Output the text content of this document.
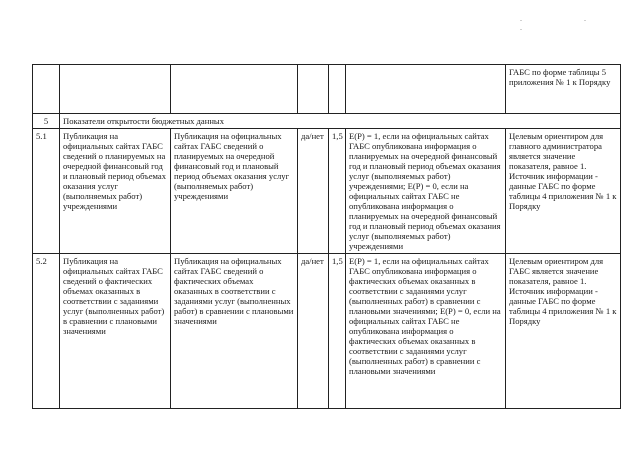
. . .
						ГАБС по форме таблицы 5 приложения № 1 к Порядку
5	Показатели открытости бюджетных данных					
5.1	Публикация на официальных сайтах ГАБС сведений о планируемых на очередной финансовый год и плановый период объемах оказания услуг (выполняемых работ) учреждениями	Публикация на официальных сайтах ГАБС сведений о планируемых на очередной финансовый год и плановый период объемах оказания услуг (выполняемых работ) учреждениями	да/нет	1,5	E(P) = 1, если на официальных сайтах ГАБС опубликована информация о планируемых на очередной финансовый год и плановый период объемах оказания услуг (выполняемых работ) учреждениями; E(P) = 0, если на официальных сайтах ГАБС не опубликована информация о планируемых на очередной финансовый год и плановый период объемах оказания услуг (выполняемых работ) учреждениями	Целевым ориентиром для главного администратора является значение показателя, равное 1. Источник информации - данные ГАБС по форме таблицы 4 приложения № 1 к Порядку
5.2	Публикация на официальных сайтах ГАБС сведений о фактических объемах оказанных в соответствии с заданиями услуг (выполненных работ) в сравнении с плановыми значениями	Публикация на официальных сайтах ГАБС сведений о фактических объемах оказанных в соответствии с заданиями услуг (выполненных работ) в сравнении с плановыми значениями	да/нет	1,5	E(P) = 1, если на официальных сайтах ГАБС опубликована информация о фактических объемах оказанных в соответствии с заданиями услуг (выполненных работ) в сравнении с плановыми значениями; E(P) = 0, если на официальных сайтах ГАБС не опубликована информация о фактических объемах оказанных в соответствии с заданиями услуг (выполненных работ) в сравнении с плановыми значениями	Целевым ориентиром для ГАБС является значение показателя, равное 1. Источник информации - данные ГАБС по форме таблицы 4 приложения № 1 к Порядку
